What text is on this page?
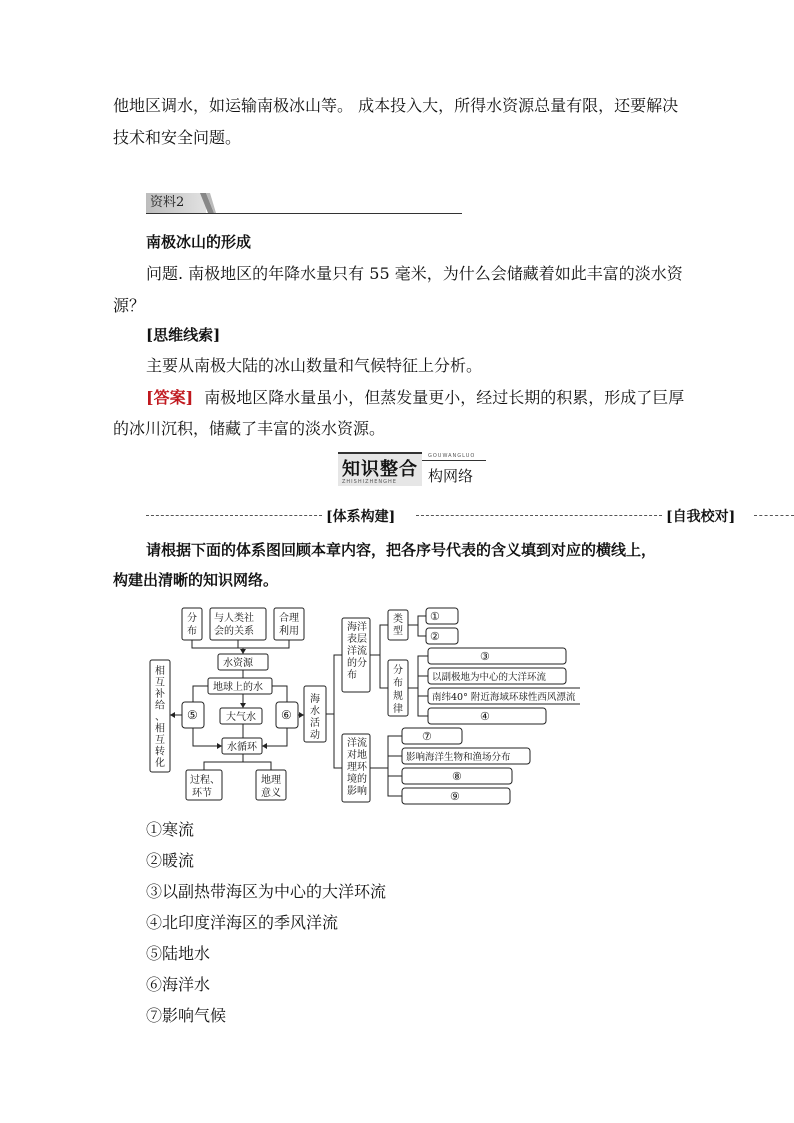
他地区调水，如运输南极冰山等。 成本投入大，所得水资源总量有限，还要解决
技术和安全问题。
资料2
南极冰山的形成
问题. 南极地区的年降水量只有 55 毫米，为什么会储藏着如此丰富的淡水资
源？
[思维线索]
主要从南极大陆的冰山数量和气候特征上分析。
[答案] 南极地区降水量虽小，但蒸发量更小，经过长期的积累，形成了巨厚
的冰川沉积，储藏了丰富的淡水资源。
知识整合
ZHISHIZHENGHE
GOUWANGLUO
构网络
[体系构建]	[自我校对]
请根据下面的体系图回顾本章内容，把各序号代表的含义填到对应的横线上，
构建出清晰的知识网络。
分
布
与人类社
会的关系
合理
利用
水资源
地球上的水
⑤	大气水 ⑥
水循环
过程、
环节
地理
意义
①
②
③
以副极地为中心的大洋环流
南纬40° 附近海域环球性西风漂流
④
⑦
影响海洋生物和渔场分布
⑧
⑨
相互补给、相互转化
海水活动
海洋表层洋流的分布
洋流对地理环境的影响
类型
分布规律
①寒流
②暖流
③以副热带海区为中心的大洋环流
④北印度洋海区的季风洋流
⑤陆地水
⑥海洋水
⑦影响气候
